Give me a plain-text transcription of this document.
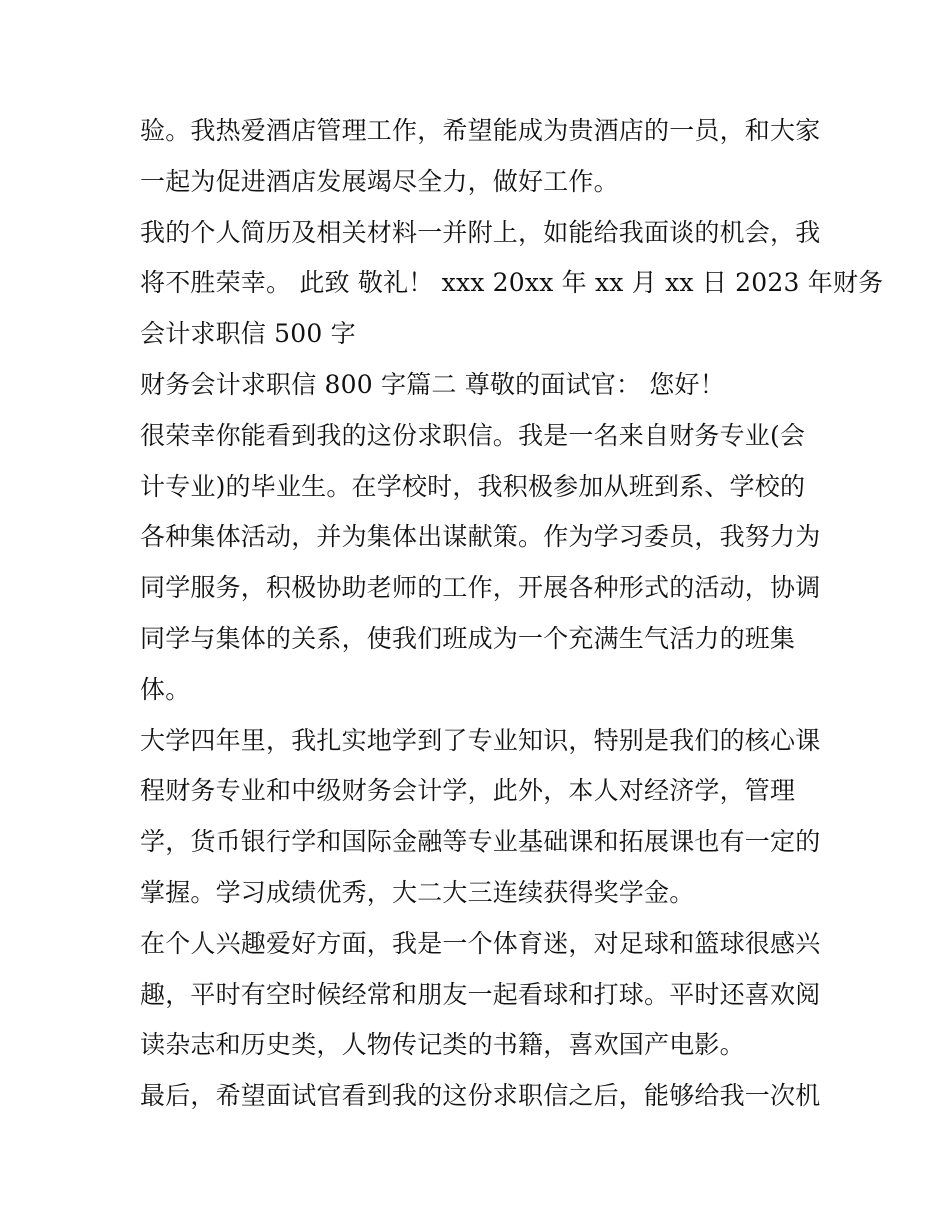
验。我热爱酒店管理工作，希望能成为贵酒店的一员，和大家
一起为促进酒店发展竭尽全力，做好工作。
我的个人简历及相关材料一并附上，如能给我面谈的机会，我
将不胜荣幸。 此致 敬礼！ xxx 20xx 年 xx 月 xx 日 2023 年财务
会计求职信 500 字
财务会计求职信 800 字篇二 尊敬的面试官： 您好！
很荣幸你能看到我的这份求职信。我是一名来自财务专业(会
计专业)的毕业生。在学校时，我积极参加从班到系、学校的
各种集体活动，并为集体出谋献策。作为学习委员，我努力为
同学服务，积极协助老师的工作，开展各种形式的活动，协调
同学与集体的关系，使我们班成为一个充满生气活力的班集
体。
大学四年里，我扎实地学到了专业知识，特别是我们的核心课
程财务专业和中级财务会计学，此外，本人对经济学，管理
学，货币银行学和国际金融等专业基础课和拓展课也有一定的
掌握。学习成绩优秀，大二大三连续获得奖学金。
在个人兴趣爱好方面，我是一个体育迷，对足球和篮球很感兴
趣，平时有空时候经常和朋友一起看球和打球。平时还喜欢阅
读杂志和历史类，人物传记类的书籍，喜欢国产电影。
最后，希望面试官看到我的这份求职信之后，能够给我一次机
